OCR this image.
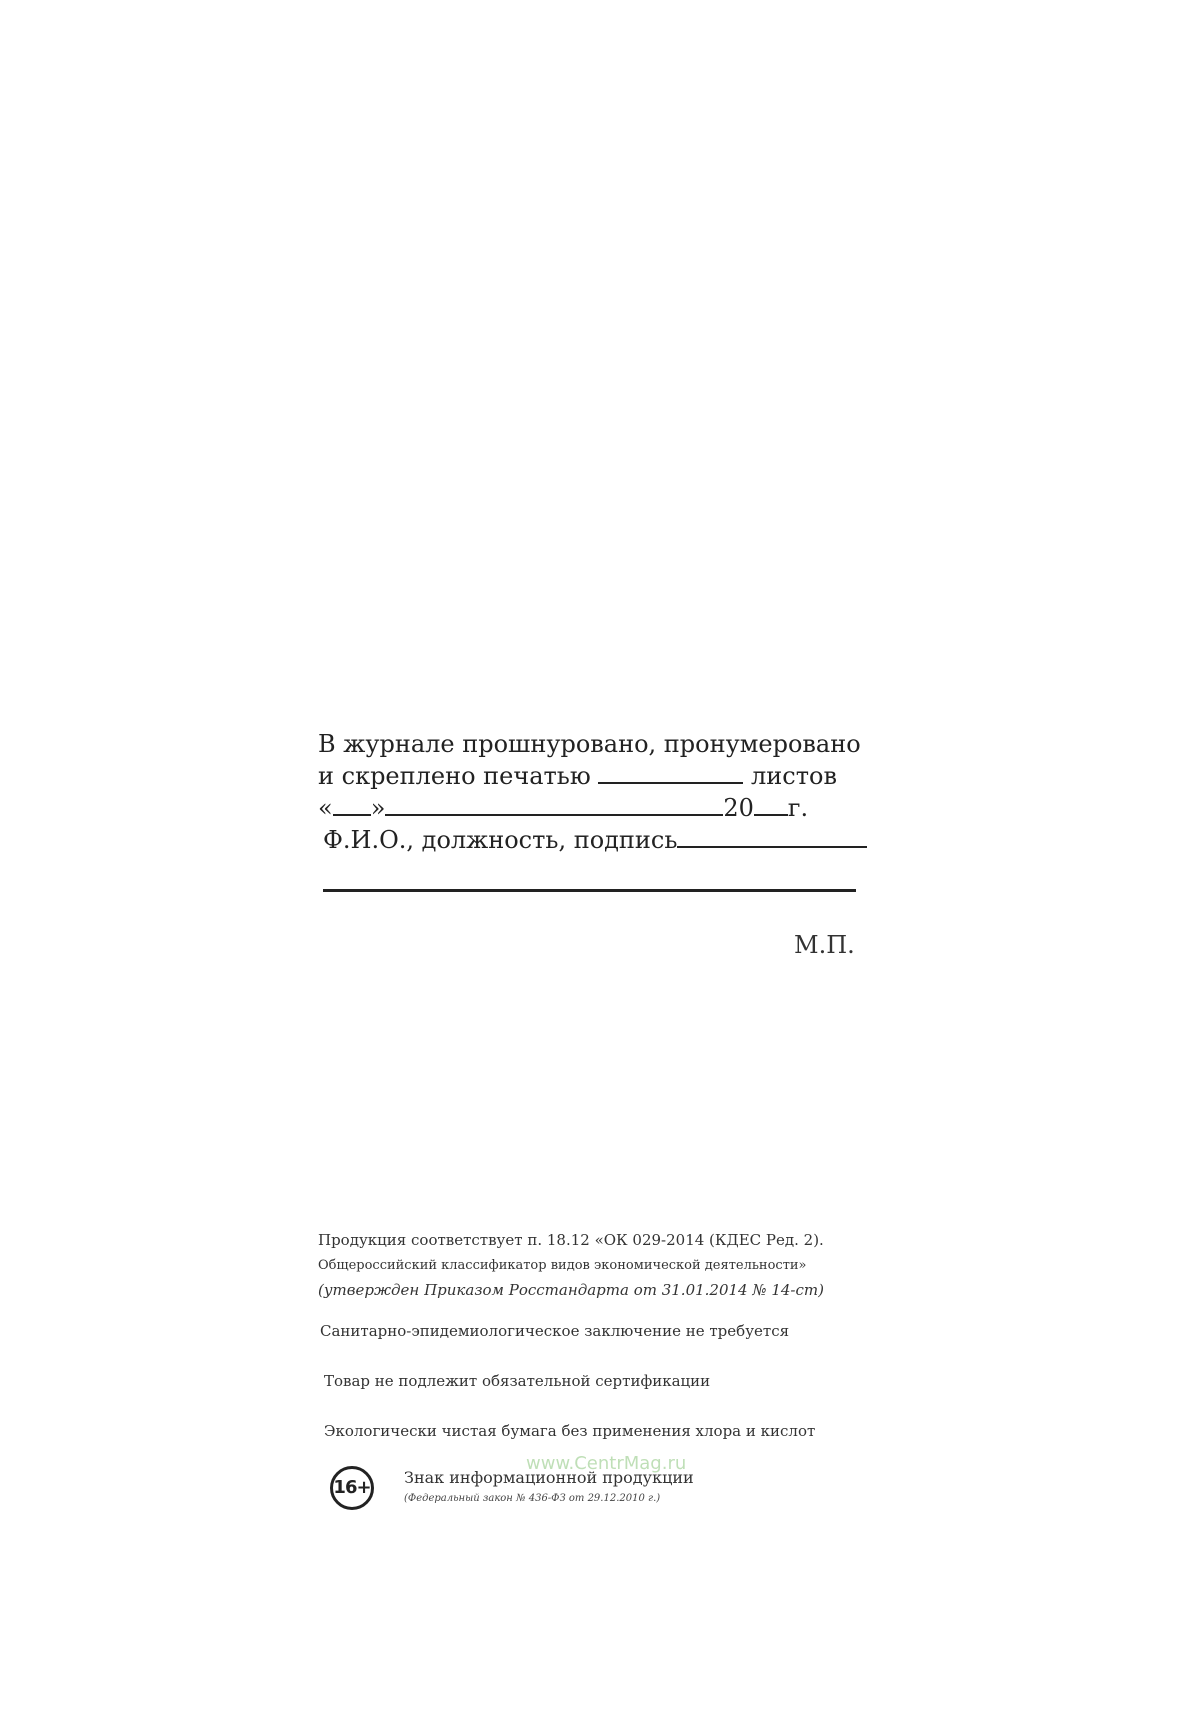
В журнале прошнуровано, пронумеровано
и скреплено печатью	листов
« »	20 г.
Ф.И.О., должность, подпись
М.П.

Продукция соответствует п. 18.12 «ОК 029-2014 (КДЕС Ред. 2).

Общероссийский классификатор видов экономической деятельности»

(утвержден Приказом Росстандарта от 31.01.2014 № 14-ст)

Санитарно-эпидемиологическое заключение не требуется
Товар не подлежит обязательной сертификации
Экологически чистая бумага без применения хлора и кислот
www.CentrMag.ru
16+ Знак информационной продукции
(Федеральный закон № 436-ФЗ от 29.12.2010 г.)
